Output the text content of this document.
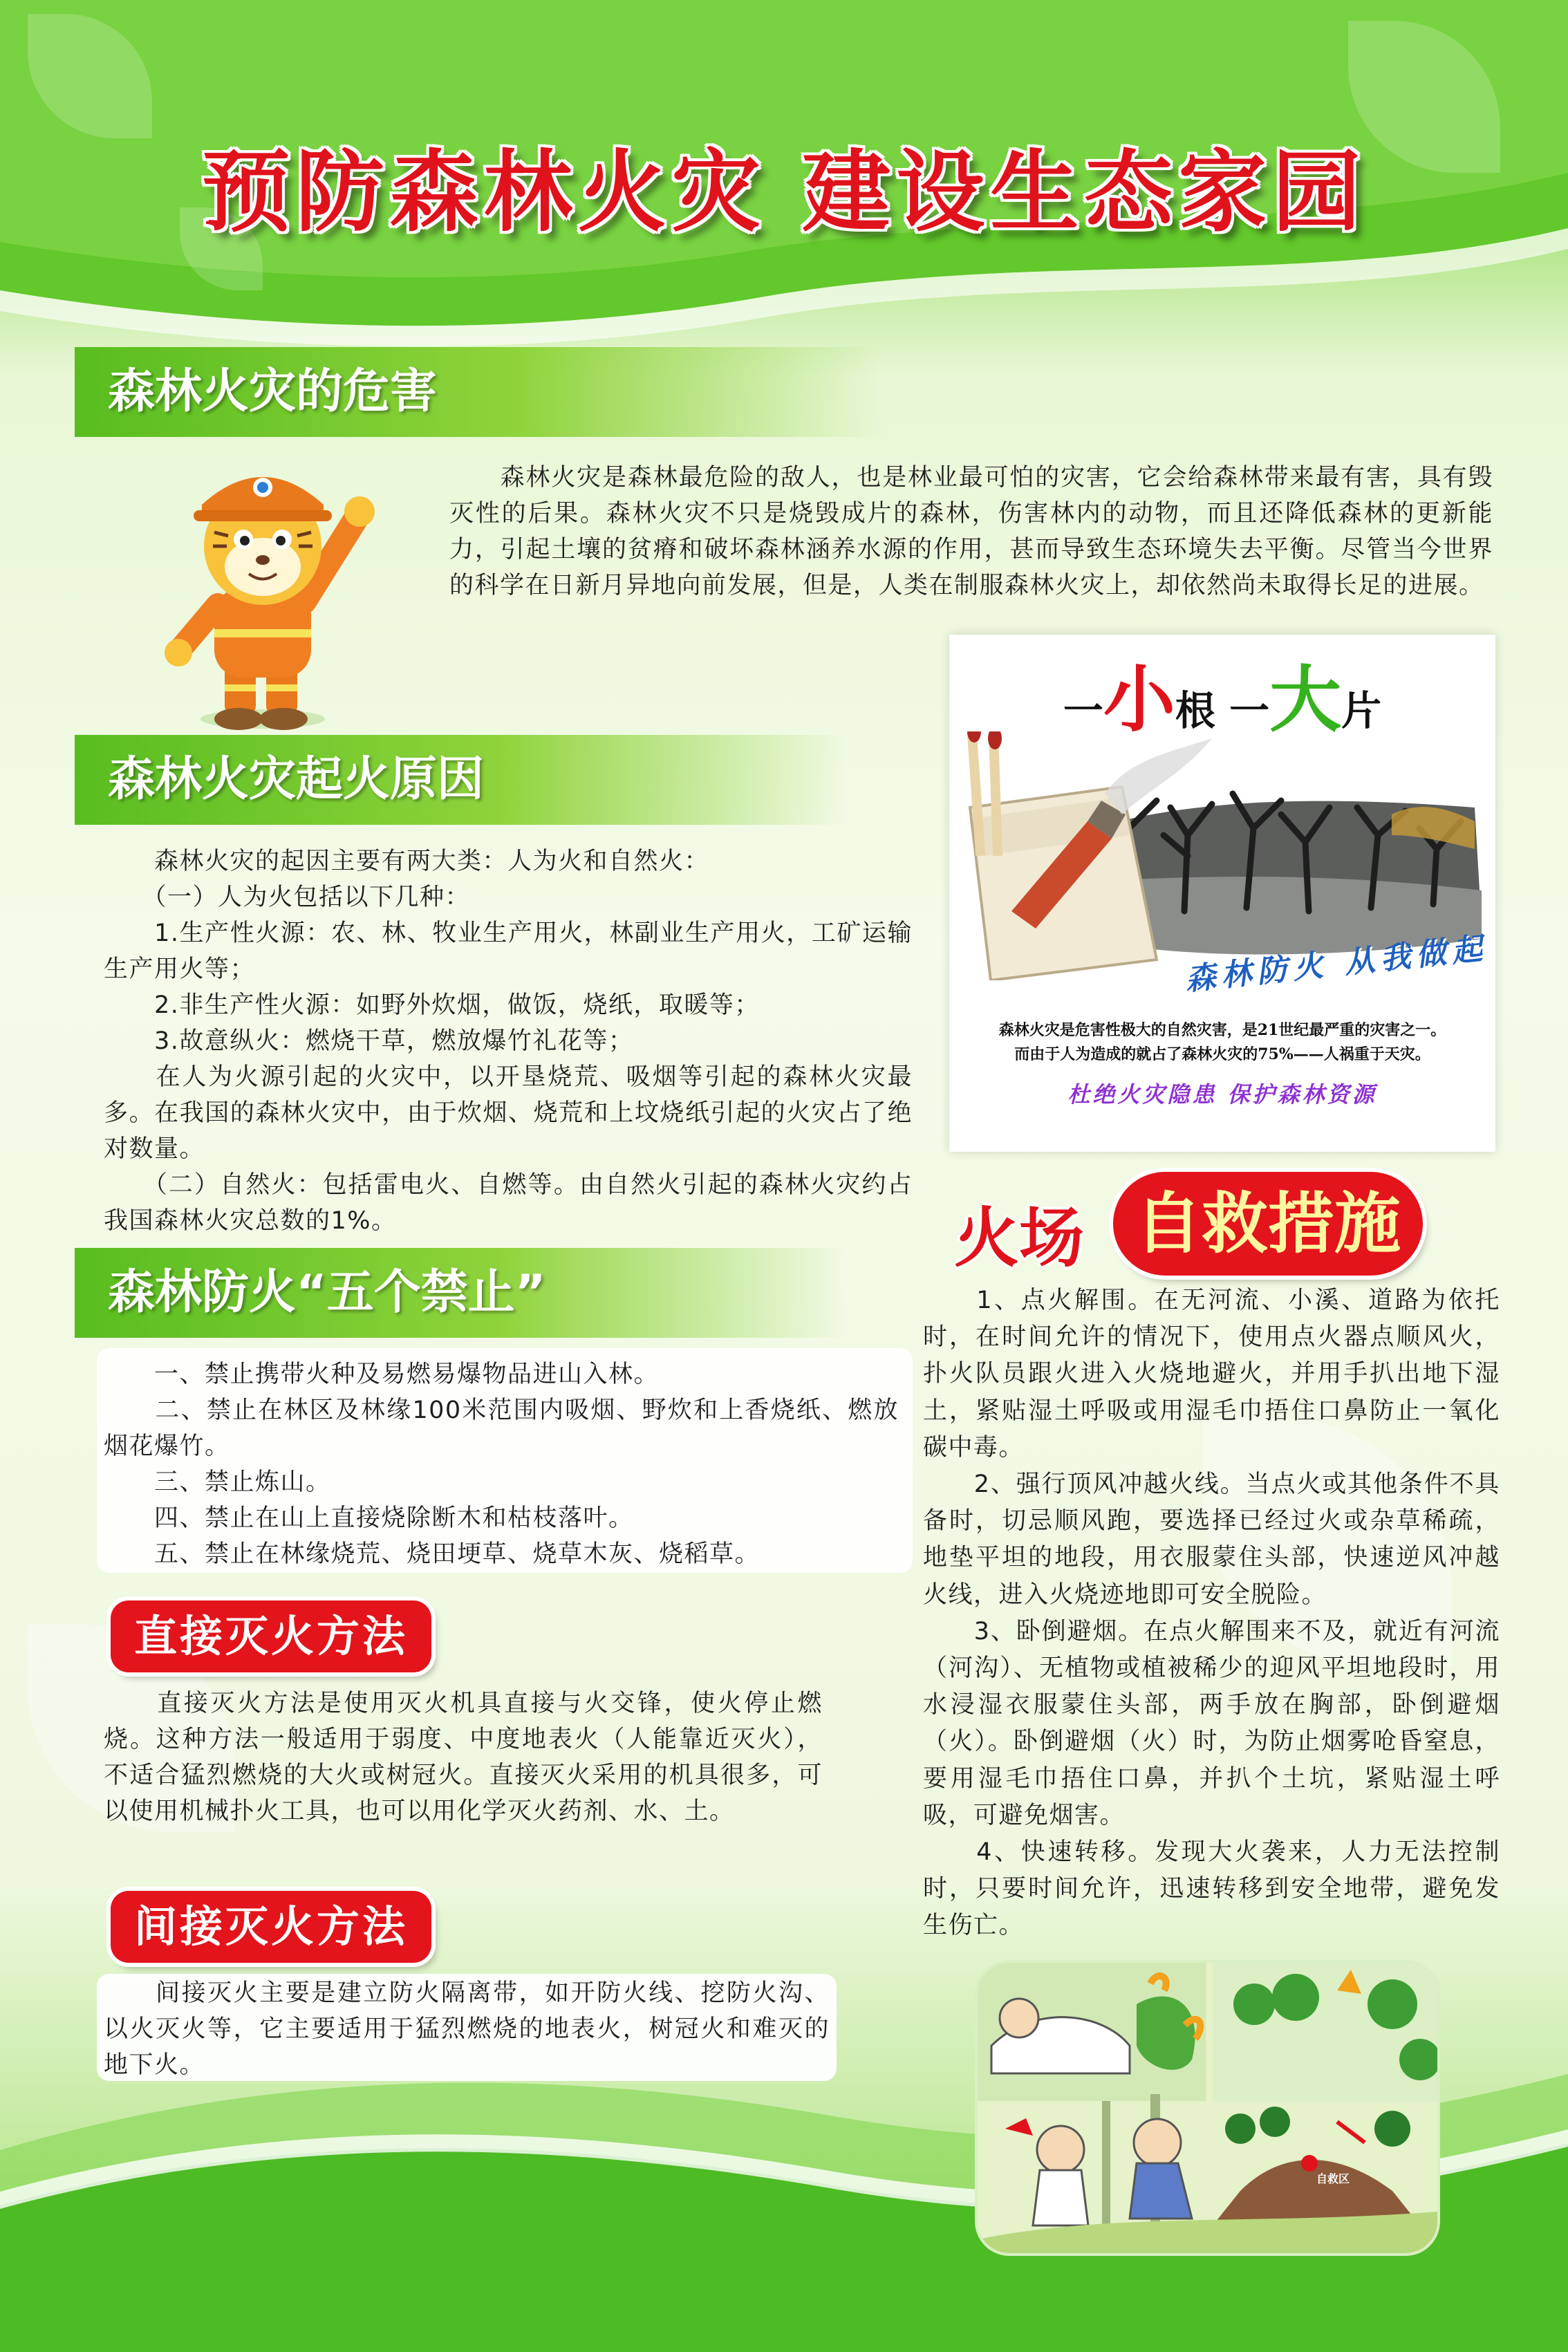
预防森林火灾 建设生态家园
森林火灾的危害
　　森林火灾是森林最危险的敌人，也是林业最可怕的灾害，它会给森林带来最有害，具有毁灭性的后果。森林火灾不只是烧毁成片的森林，伤害林内的动物，而且还降低森林的更新能力，引起土壤的贫瘠和破坏森林涵养水源的作用，甚而导致生态环境失去平衡。尽管当今世界的科学在日新月异地向前发展，但是，人类在制服森林火灾上，却依然尚未取得长足的进展。
一小根 一大片
森林防火 从我做起
森林火灾是危害性极大的自然灾害，是21世纪最严重的灾害之一。
而由于人为造成的就占了森林火灾的75%——人祸重于天灾。
杜绝火灾隐患 保护森林资源
森林火灾起火原因
　　森林火灾的起因主要有两大类：人为火和自然火：
　　（一）人为火包括以下几种：
　　1.生产性火源：农、林、牧业生产用火，林副业生产用火，工矿运输生产用火等；
　　2.非生产性火源：如野外炊烟，做饭，烧纸，取暖等；
　　3.故意纵火：燃烧干草，燃放爆竹礼花等；
　　在人为火源引起的火灾中，以开垦烧荒、吸烟等引起的森林火灾最多。在我国的森林火灾中，由于炊烟、烧荒和上坟烧纸引起的火灾占了绝对数量。
　　（二）自然火：包括雷电火、自燃等。由自然火引起的森林火灾约占我国森林火灾总数的1%。
森林防火“五个禁止”
　　一、禁止携带火种及易燃易爆物品进山入林。
　　二、禁止在林区及林缘100米范围内吸烟、野炊和上香烧纸、燃放烟花爆竹。
　　三、禁止炼山。
　　四、禁止在山上直接烧除断木和枯枝落叶。
　　五、禁止在林缘烧荒、烧田埂草、烧草木灰、烧稻草。
直接灭火方法
　　直接灭火方法是使用灭火机具直接与火交锋，使火停止燃烧。这种方法一般适用于弱度、中度地表火（人能靠近灭火），不适合猛烈燃烧的大火或树冠火。直接灭火采用的机具很多，可以使用机械扑火工具，也可以用化学灭火药剂、水、土。
间接灭火方法
　　间接灭火主要是建立防火隔离带，如开防火线、挖防火沟、以火灭火等，它主要适用于猛烈燃烧的地表火，树冠火和难灭的地下火。
火场 自救措施
　　1、点火解围。在无河流、小溪、道路为依托时，在时间允许的情况下，使用点火器点顺风火，扑火队员跟火进入火烧地避火，并用手扒出地下湿土，紧贴湿土呼吸或用湿毛巾捂住口鼻防止一氧化碳中毒。
　　2、强行顶风冲越火线。当点火或其他条件不具备时，切忌顺风跑，要选择已经过火或杂草稀疏，地垫平坦的地段，用衣服蒙住头部，快速逆风冲越火线，进入火烧迹地即可安全脱险。
　　3、卧倒避烟。在点火解围来不及，就近有河流（河沟）、无植物或植被稀少的迎风平坦地段时，用水浸湿衣服蒙住头部，两手放在胸部，卧倒避烟（火）。卧倒避烟（火）时，为防止烟雾呛昏窒息，要用湿毛巾捂住口鼻，并扒个土坑，紧贴湿土呼吸，可避免烟害。
　　4、快速转移。发现大火袭来，人力无法控制时，只要时间允许，迅速转移到安全地带，避免发生伤亡。
自救区
